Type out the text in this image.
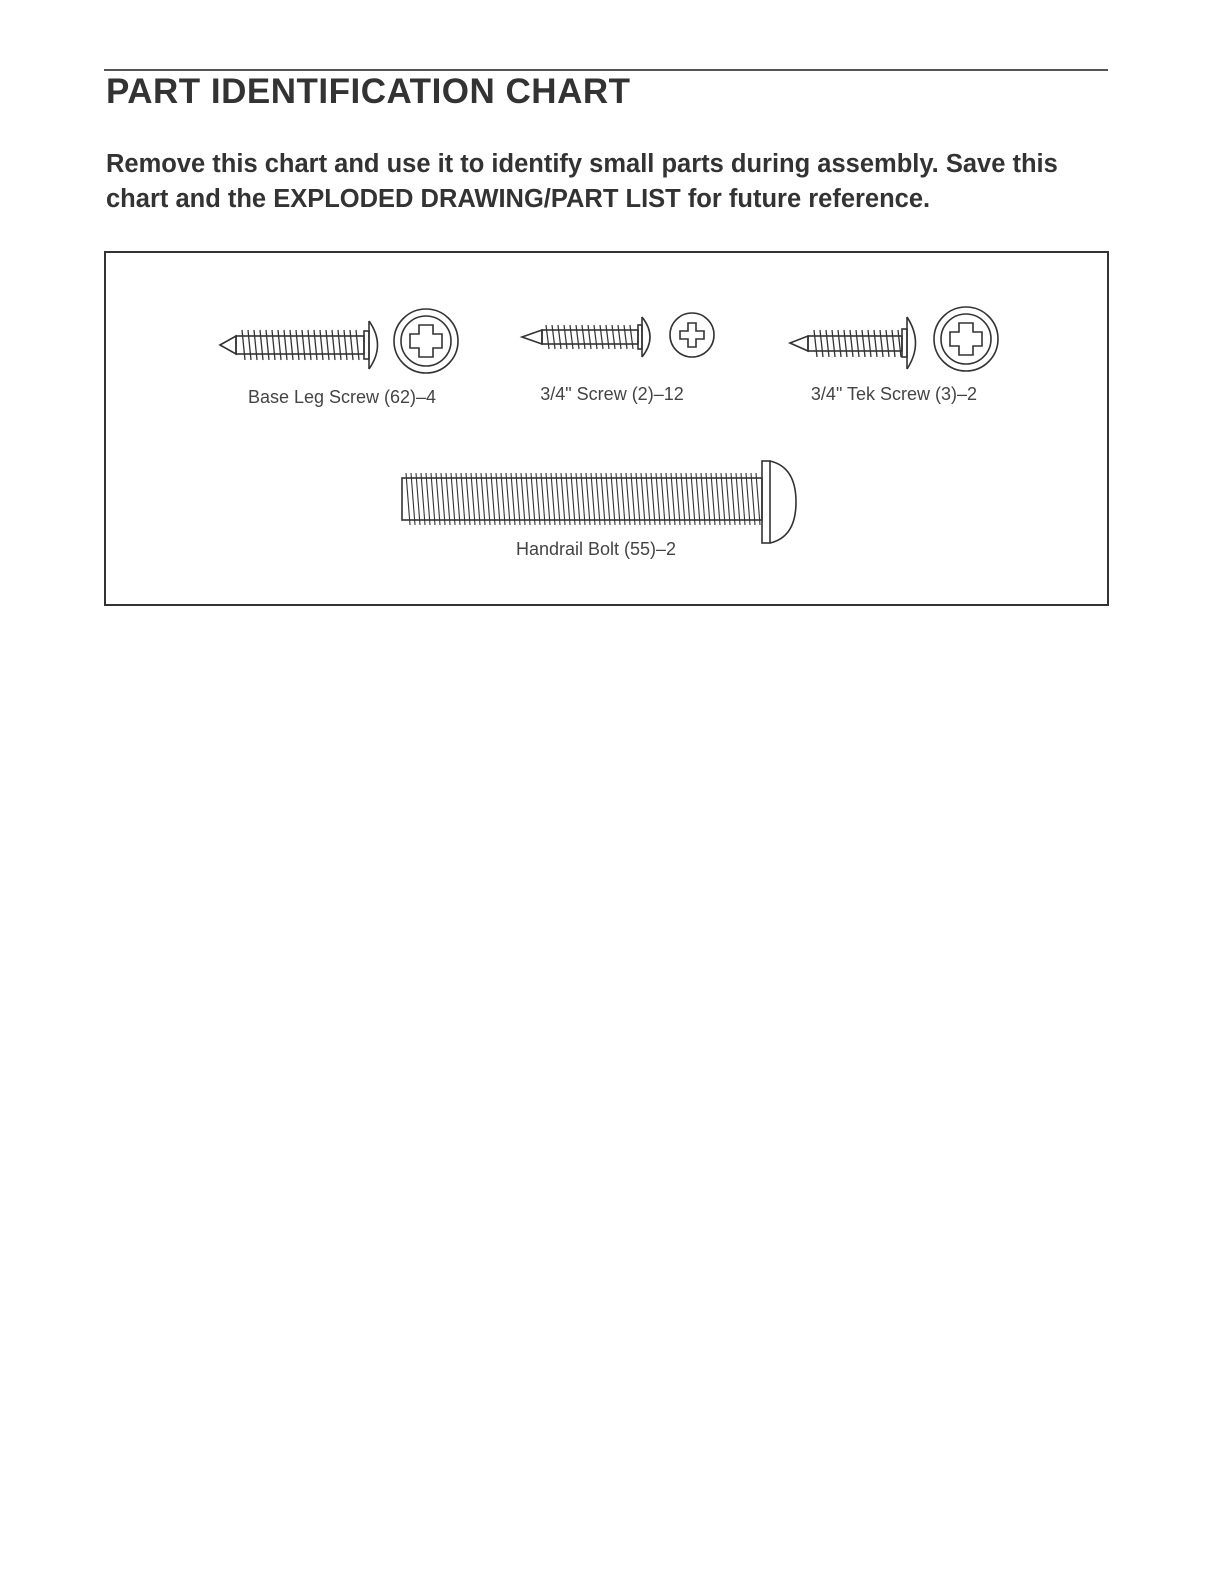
PART IDENTIFICATION CHART

Remove this chart and use it to identify small parts during assembly. Save this chart and the EXPLODED DRAWING/PART LIST for future reference.

Base Leg Screw (62)–4	3/4" Screw (2)–12	3/4" Tek Screw (3)–2
Handrail Bolt (55)–2
